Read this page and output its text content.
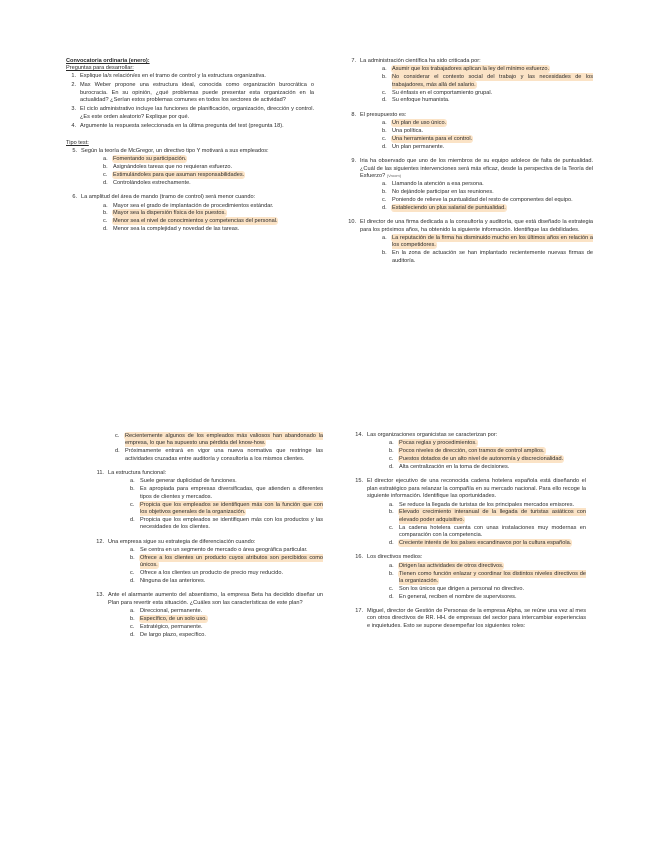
Convocatoria ordinaria (enero):
Preguntas para desarrollar:
1. Explique la/s relación/es en el tramo de control y la estructura organizativa.
2. Max Weber propone una estructura ideal, conocida como organización burocrática o burocracia. En su opinión, ¿qué problemas puede presentar esta organización en la actualidad? ¿Serían estos problemas comunes en todos los sectores de actividad?
3. El ciclo administrativo incluye las funciones de planificación, organización, dirección y control. ¿Es este orden aleatorio? Explique por qué.
4. Argumente la respuesta seleccionada en la última pregunta del test (pregunta 18).
Tipo test:
5. Según la teoría de McGregor, un directivo tipo Y motivará a sus empleados:
a. Fomentando su participación.
b. Asignándoles tareas que no requieran esfuerzo.
c.	Estimulándoles para que asuman responsabilidades.
d. Controlándoles estrechamente.
6. La amplitud del área de mando (tramo de control) será menor cuando:
a. Mayor sea el grado de implantación de procedimientos estándar.
b. Mayor sea la dispersión física de los puestos.
c.	Menor sea el nivel de conocimientos y competencias del personal.
d. Menor sea la complejidad y novedad de las tareas.
7. La administración científica ha sido criticada por:
a. Asumir que los trabajadores aplican la ley del mínimo esfuerzo.
b. No considerar el contexto social del trabajo y las necesidades de los trabajadores, más allá del salario.
c.	Su énfasis en el comportamiento grupal.
d. Su enfoque humanista.
8. El presupuesto es:
a. Un plan de uso único.
b. Una política.
c.	Una herramienta para el control.
d. Un plan permanente.
9. Iria ha observado que uno de los miembros de su equipo adolece de falta de puntualidad. ¿Cuál de las siguientes intervenciones será más eficaz, desde la perspectiva de la Teoría del Esfuerzo? (Vroom)
a. Llamando la atención a esa persona.
b. No dejándole participar en las reuniones.
c.	Poniendo de relieve la puntualidad del resto de componentes del equipo.
d. Estableciendo un plus salarial de puntualidad.
10. El director de una firma dedicada a la consultoría y auditoría, que está diseñado la estrategia para los próximos años, ha obtenido la siguiente información. Identifique las debilidades.
a. La reputación de la firma ha disminuido mucho en los últimos años en relación a los competidores.
b. En la zona de actuación se han implantado recientemente nuevas firmas de auditoría.
c.	Recientemente algunos de los empleados más valiosos han abandonado la empresa, lo que ha supuesto una pérdida del know-how.
d. Próximamente entrará en vigor una nueva normativa que restringe las actividades cruzadas entre auditoría y consultoría a los mismos clientes.
11. La estructura funcional:
a. Suele generar duplicidad de funciones.
b. Es apropiada para empresas diversificadas, que atienden a diferentes tipos de clientes y mercados.
c.	Propicia que los empleados se identifiquen más con la función que con los objetivos generales de la organización.
d. Propicia que los empleados se identifiquen más con los productos y las necesidades de los clientes.
12. Una empresa sigue su estrategia de diferenciación cuando:
a. Se centra en un segmento de mercado o área geográfica particular.
b. Ofrece a los clientes un producto cuyos atributos son percibidos como únicos.
c.	Ofrece a los clientes un producto de precio muy reducido.
d. Ninguna de las anteriores.
13. Ante el alarmante aumento del absentismo, la empresa Beta ha decidido diseñar un Plan para revertir esta situación. ¿Cuáles son las características de este plan?
a. Direccional, permanente.
b. Específico, de un solo uso.
c.	Estratégico, permanente.
d. De largo plazo, específico.
14. Las organizaciones organicistas se caracterizan por:
a. Pocas reglas y procedimientos.
b. Pocos niveles de dirección, con tramos de control amplios.
c.	Puestos dotados de un alto nivel de autonomía y discrecionalidad.
d. Alta centralización en la toma de decisiones.
15. El director ejecutivo de una reconocida cadena hotelera española está diseñando el plan estratégico para relanzar la compañía en su mercado nacional. Para ello recoge la siguiente información. Identifique las oportunidades.
a. Se reduce la llegada de turistas de los principales mercados emisores.
b. Elevado crecimiento interanual de la llegada de turistas asiáticos con elevado poder adquisitivo.
c.	La cadena hotelera cuenta con unas instalaciones muy modernas en comparación con la competencia.
d. Creciente interés de los países escandinavos por la cultura española.
16. Los directivos medios:
a. Dirigen las actividades de otros directivos.
b. Tienen como función enlazar y coordinar los distintos niveles directivos de la organización.
c.	Son los únicos que dirigen a personal no directivo.
d. En general, reciben el nombre de supervisores.
17. Miguel, director de Gestión de Personas de la empresa Alpha, se reúne una vez al mes con otros directivos de RR. HH. de empresas del sector para intercambiar experiencias e inquietudes. Esto se supone desempeñar los siguientes roles:
